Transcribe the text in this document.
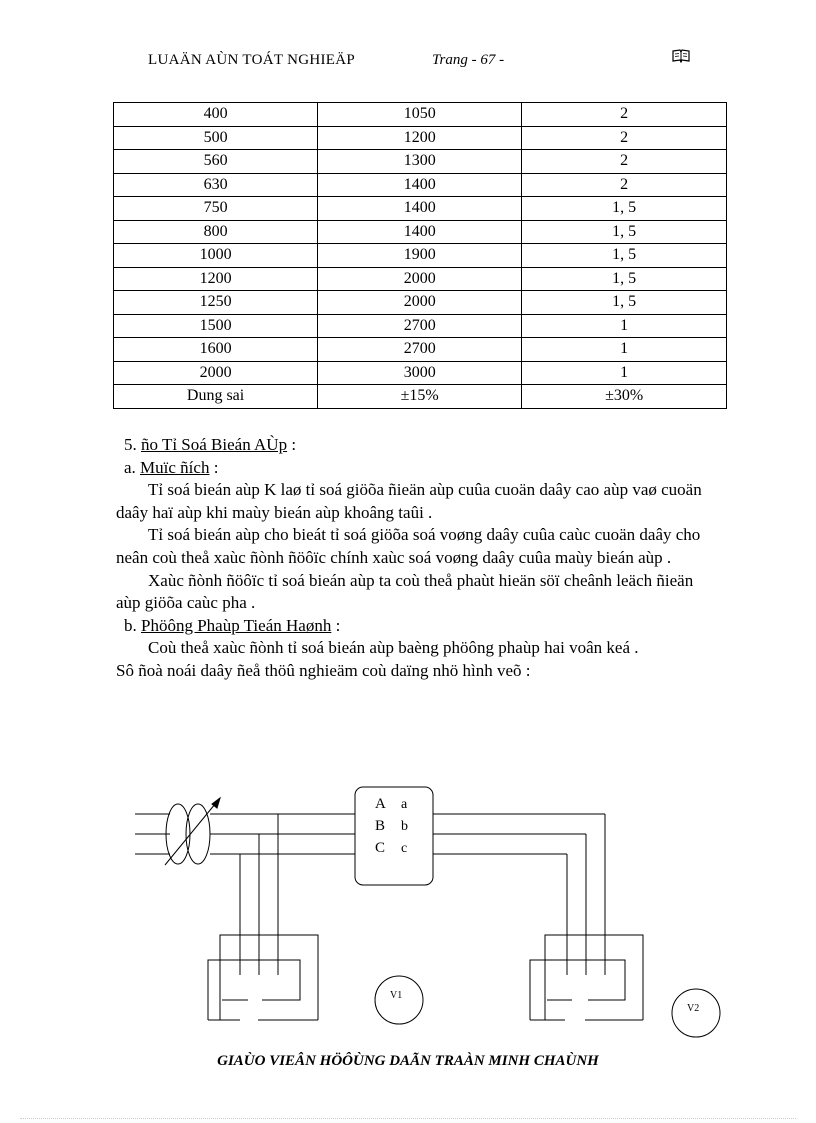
LUAÄN AÙN TOÁT NGHIEÄP	Trang - 67 -
400	1050	2
500	1200	2
560	1300	2
630	1400	2
750	1400	1, 5
800	1400	1, 5
1000	1900	1, 5
1200	2000	1, 5
1250	2000	1, 5
1500	2700	1
1600	2700	1
2000	3000	1
Dung sai	±15%	±30%

5. ño Tỉ Soá Bieán AÙp :

a. Muïc ñích :

Tỉ soá bieán aùp K laø tỉ soá giöõa ñieän aùp cuûa cuoän daây cao aùp vaø cuoän daây haï aùp khi maùy bieán aùp khoâng taûi .

Tỉ soá bieán aùp cho bieát tỉ soá giöõa soá voøng daây cuûa caùc cuoän daây cho neân coù theå xaùc ñònh ñöôïc chính xaùc soá voøng daây cuûa maùy bieán aùp .

Xaùc ñònh ñöôïc tỉ soá bieán aùp ta coù theå phaùt hieän söï cheânh leäch ñieän aùp giöõa caùc pha .

b. Phöông Phaùp Tieán Haønh :

Coù theå xaùc ñònh tỉ soá bieán aùp baèng phöông phaùp hai voân keá .

Sô ñoà noái daây ñeå thöû nghieäm coù daïng nhö hình veõ :

A
B
C
a
b
c
V1
V2
GIAÙO VIEÂN HÖÔÙNG DAÃN TRAÀN MINH CHAÙNH
